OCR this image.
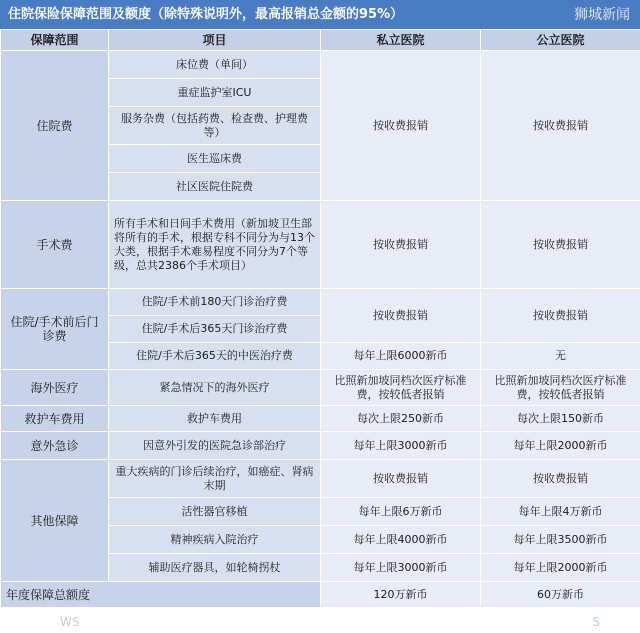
住院保险保障范围及额度（除特殊说明外，最高报销总金额的95%）	狮城新闻
保障范围	项目	私立医院	公立医院
住院费	床位费（单间）	按收费报销	按收费报销
	重症监护室ICU		
	服务杂费（包括药费、检查费、护理费等）		
	医生巡床费		
	社区医院住院费		
手术费	所有手术和日间手术费用（新加坡卫生部将所有的手术，根据专科不同分为与13个大类，根据手术难易程度不同分为7个等级，总共2386个手术项目）	按收费报销	按收费报销
住院/手术前后门诊费	住院/手术前180天门诊治疗费	按收费报销	按收费报销
	住院/手术后365天门诊治疗费		
	住院/手术后365天的中医治疗费	每年上限6000新币	无
海外医疗	紧急情况下的海外医疗	比照新加坡同档次医疗标准费，按较低者报销	比照新加坡同档次医疗标准费，按较低者报销
救护车费用	救护车费用	每次上限250新币	每次上限150新币
意外急诊	因意外引发的医院急诊部治疗	每年上限3000新币	每年上限2000新币
其他保障	重大疾病的门诊后续治疗，如癌症、肾病末期	按收费报销	按收费报销
	活性器官移植	每年上限6万新币	每年上限4万新币
	精神疾病入院治疗	每年上限4000新币	每年上限3500新币
	辅助医疗器具，如轮椅拐杖	每年上限3000新币	每年上限2000新币
年度保障总额度		120万新币	60万新币
WS	S
